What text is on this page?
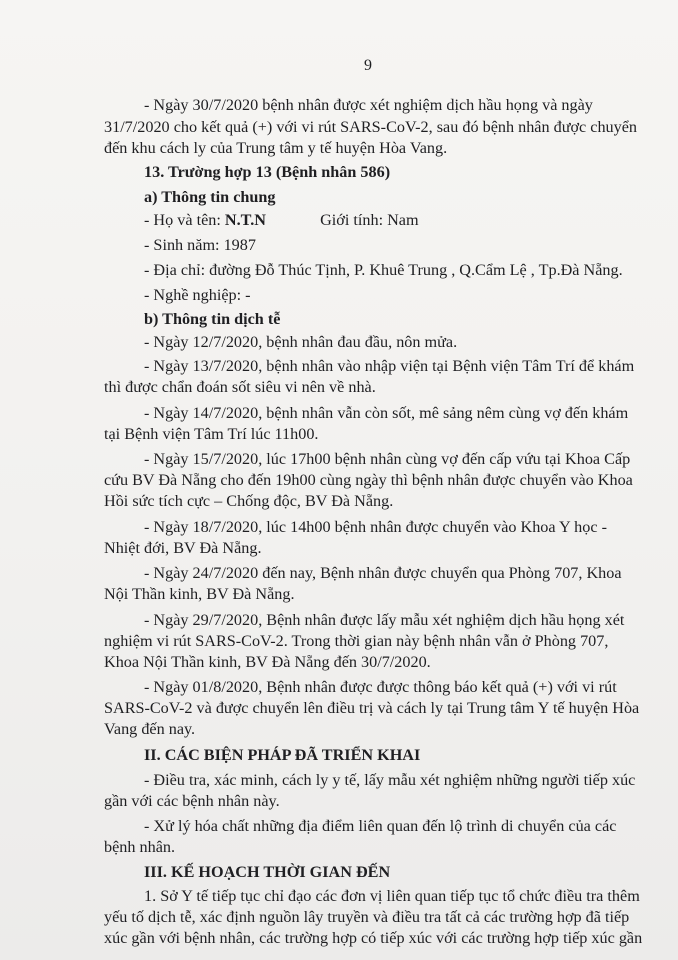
9
- Ngày 30/7/2020 bệnh nhân được xét nghiệm dịch hầu họng và ngày
31/7/2020 cho kết quả (+) với vi rút SARS-CoV-2, sau đó bệnh nhân được chuyển
đến khu cách ly của Trung tâm y tế huyện Hòa Vang.
13. Trường hợp 13 (Bệnh nhân 586)
a) Thông tin chung
- Họ và tên: N.T.N	Giới tính: Nam
- Sinh năm: 1987
- Địa chỉ: đường Đỗ Thúc Tịnh, P. Khuê Trung , Q.Cẩm Lệ , Tp.Đà Nẵng.
- Nghề nghiệp: -
b) Thông tin dịch tễ
- Ngày 12/7/2020, bệnh nhân đau đầu, nôn mửa.
- Ngày 13/7/2020, bệnh nhân vào nhập viện tại Bệnh viện Tâm Trí để khám
thì được chẩn đoán sốt siêu vi nên về nhà.
- Ngày 14/7/2020, bệnh nhân vẫn còn sốt, mê sảng nêm cùng vợ đến khám
tại Bệnh viện Tâm Trí lúc 11h00.
- Ngày 15/7/2020, lúc 17h00 bệnh nhân cùng vợ đến cấp vứu tại Khoa Cấp
cứu BV Đà Nẵng cho đến 19h00 cùng ngày thì bệnh nhân được chuyển vào Khoa
Hồi sức tích cực – Chống độc, BV Đà Nẵng.
- Ngày 18/7/2020, lúc 14h00 bệnh nhân được chuyển vào Khoa Y học -
Nhiệt đới, BV Đà Nẵng.
- Ngày 24/7/2020 đến nay, Bệnh nhân được chuyển qua Phòng 707, Khoa
Nội Thần kinh, BV Đà Nẵng.
- Ngày 29/7/2020, Bệnh nhân được lấy mẫu xét nghiệm dịch hầu họng xét
nghiệm vi rút SARS-CoV-2. Trong thời gian này bệnh nhân vẫn ở Phòng 707,
Khoa Nội Thần kinh, BV Đà Nẵng đến 30/7/2020.
- Ngày 01/8/2020, Bệnh nhân được được thông báo kết quả (+) với vi rút
SARS-CoV-2 và được chuyển lên điều trị và cách ly tại Trung tâm Y tế huyện Hòa
Vang đến nay.
II. CÁC BIỆN PHÁP ĐÃ TRIỂN KHAI
- Điều tra, xác minh, cách ly y tế, lấy mẫu xét nghiệm những người tiếp xúc
gần với các bệnh nhân này.
- Xử lý hóa chất những địa điểm liên quan đến lộ trình di chuyển của các
bệnh nhân.
III. KẾ HOẠCH THỜI GIAN ĐẾN
1. Sở Y tế tiếp tục chỉ đạo các đơn vị liên quan tiếp tục tổ chức điều tra thêm
yếu tố dịch tễ, xác định nguồn lây truyền và điều tra tất cả các trường hợp đã tiếp
xúc gần với bệnh nhân, các trường hợp có tiếp xúc với các trường hợp tiếp xúc gần
